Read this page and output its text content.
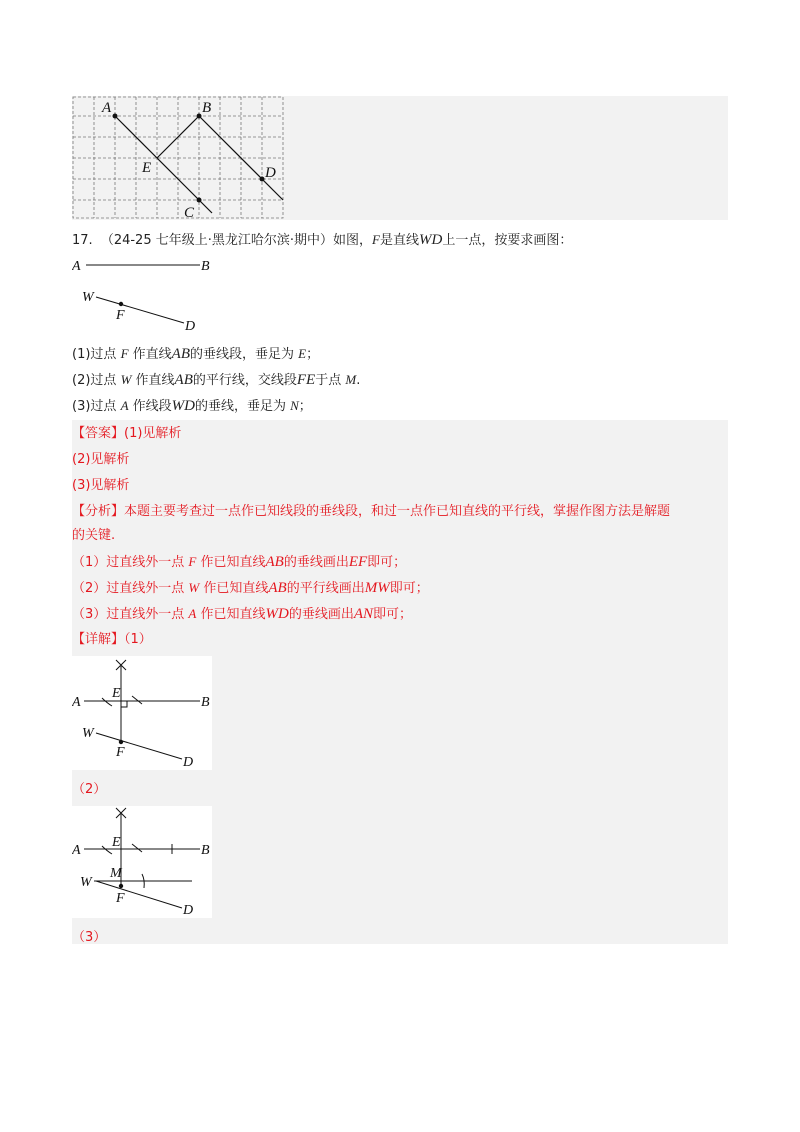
A	B
E	D
C
17. （24-25 七年级上·黑龙江哈尔滨·期中）如图，F是直线WD上一点，按要求画图：
A	B
W
F
D
(1)过点 F 作直线AB的垂线段，垂足为 E；
(2)过点 W 作直线AB的平行线，交线段FE于点 M.
(3)过点 A 作线段WD的垂线，垂足为 N；
【答案】(1)见解析
(2)见解析
(3)见解析
【分析】本题主要考查过一点作已知线段的垂线段，和过一点作已知直线的平行线，掌握作图方法是解题
的关键.
（1）过直线外一点 F 作已知直线AB的垂线画出EF即可；
（2）过直线外一点 W 作已知直线AB的平行线画出MW即可；
（3）过直线外一点 A 作已知直线WD的垂线画出AN即可；
【详解】（1）
A
E
B
W
F
D
（2）
A
E
B
M
W
F
D
（3）
